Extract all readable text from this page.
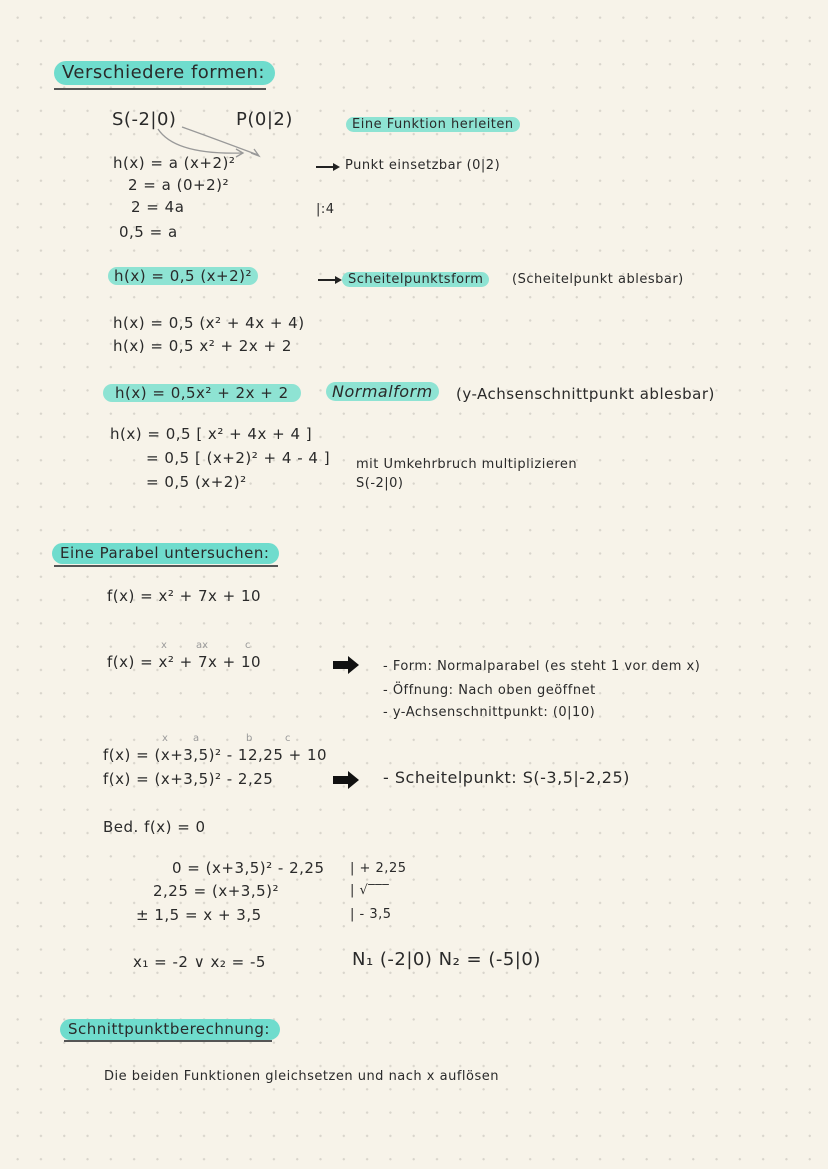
Verschiedere formen:
S(-2|0)	P(0|2)	Eine Funktion herleiten
h(x) = a (x+2)²
2 = a (0+2)²
2 = 4a
0,5 = a
Punkt einsetzbar (0|2)
|:4
h(x) = 0,5 (x+2)²	Scheitelpunktsform	(Scheitelpunkt ablesbar)
h(x) = 0,5 (x² + 4x + 4)
h(x) = 0,5 x² + 2x + 2
h(x) = 0,5x² + 2x + 2	Normalform	(y-Achsenschnittpunkt ablesbar)
h(x) = 0,5 [ x² + 4x + 4 ]
= 0,5 [ (x+2)² + 4 - 4 ]
= 0,5 (x+2)²
mit Umkehrbruch multiplizieren
S(-2|0)
Eine Parabel untersuchen:
f(x) = x² + 7x + 10
x	ax	c
f(x) = x² + 7x + 10	- Form: Normalparabel (es steht 1 vor dem x)
- Öffnung: Nach oben geöffnet
- y-Achsenschnittpunkt: (0|10)
x	a	b	c
f(x) = (x+3,5)² - 12,25 + 10
f(x) = (x+3,5)² - 2,25	- Scheitelpunkt: S(-3,5|-2,25)
Bed. f(x) = 0
0 = (x+3,5)² - 2,25
2,25 = (x+3,5)²
± 1,5 = x + 3,5
| + 2,25
| √‾‾‾
| - 3,5
x₁ = -2 ∨ x₂ = -5	N₁ (-2|0) N₂ = (-5|0)
Schnittpunktberechnung:
Die beiden Funktionen gleichsetzen und nach x auflösen
